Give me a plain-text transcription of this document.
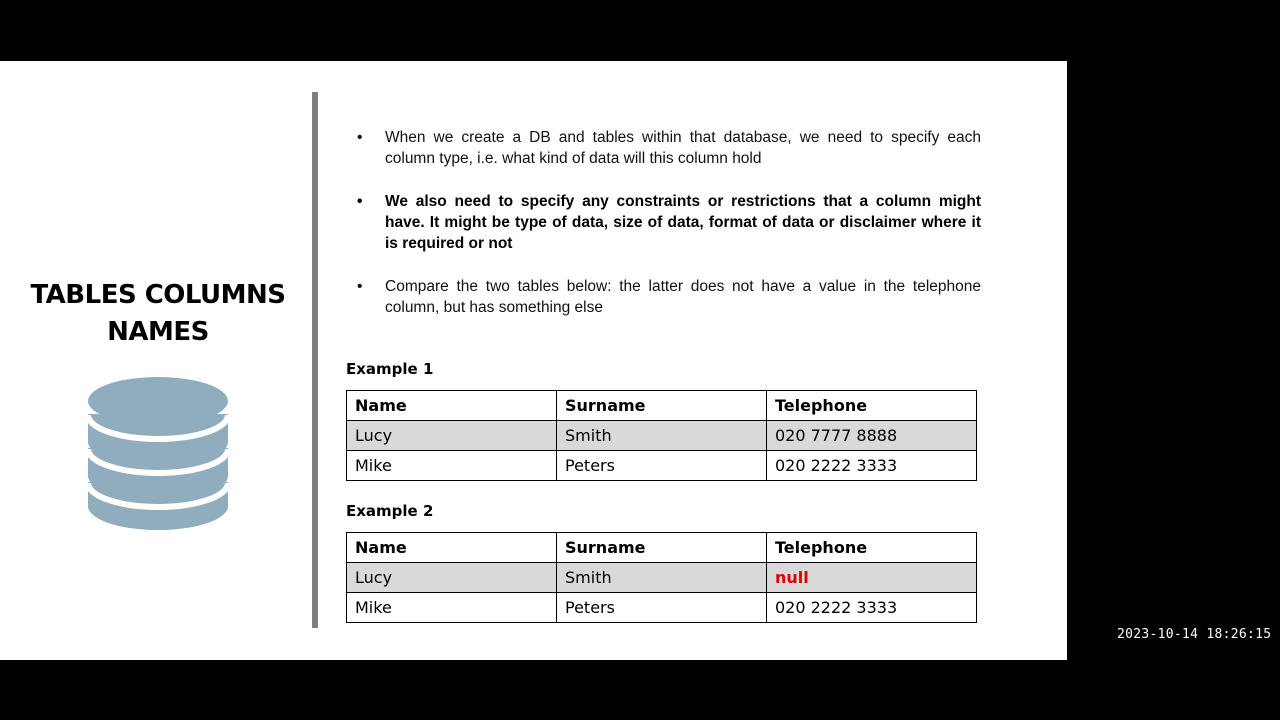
TABLES COLUMNS
NAMES
• When we create a DB and tables within that database, we need to specify each column type, i.e. what kind of data will this column hold
• We also need to specify any constraints or restrictions that a column might have. It might be type of data, size of data, format of data or disclaimer where it is required or not
• Compare the two tables below: the latter does not have a value in the telephone column, but has something else
Example 1
Name	Surname	Telephone
Lucy	Smith	020 7777 8888
Mike	Peters	020 2222 3333
Example 2
Name	Surname	Telephone
Lucy	Smith	null
Mike	Peters	020 2222 3333
2023-10-14 18:26:15
